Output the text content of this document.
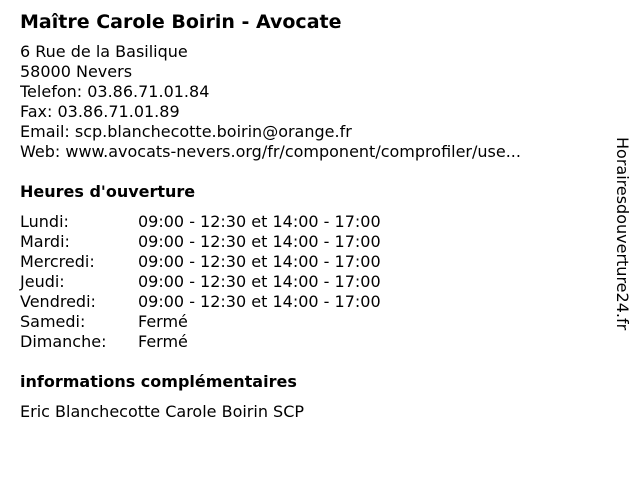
Maître Carole Boirin - Avocate
6 Rue de la Basilique
58000 Nevers
Telefon: 03.86.71.01.84
Fax: 03.86.71.01.89
Email: scp.blanchecotte.boirin@orange.fr
Web: www.avocats-nevers.org/fr/component/comprofiler/use...
Heures d'ouverture
Lundi:	09:00 - 12:30 et 14:00 - 17:00
Mardi:	09:00 - 12:30 et 14:00 - 17:00
Mercredi:	09:00 - 12:30 et 14:00 - 17:00
Jeudi:	09:00 - 12:30 et 14:00 - 17:00
Vendredi:	09:00 - 12:30 et 14:00 - 17:00
Samedi:	Fermé
Dimanche:	Fermé
informations complémentaires
Eric Blanchecotte Carole Boirin SCP
Horairesdouverture24.fr
